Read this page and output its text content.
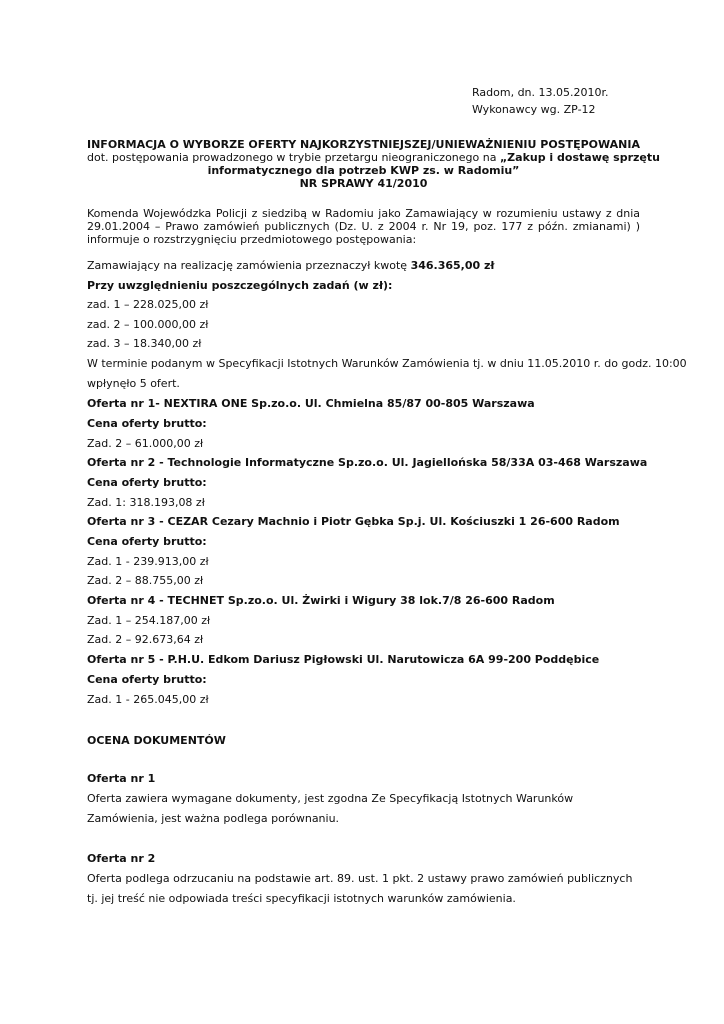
Radom, dn. 13.05.2010r.
Wykonawcy wg. ZP-12
INFORMACJA O WYBORZE OFERTY NAJKORZYSTNIEJSZEJ/UNIEWAŻNIENIU POSTĘPOWANIA
dot. postępowania prowadzonego w trybie przetargu nieograniczonego na „Zakup i dostawę sprzętu
informatycznego dla potrzeb KWP zs. w Radomiu”
NR SPRAWY 41/2010
Komenda Wojewódzka Policji z siedzibą w Radomiu jako Zamawiający w rozumieniu ustawy z dnia 29.01.2004 – Prawo zamówień publicznych (Dz. U. z 2004 r. Nr 19, poz. 177 z późn. zmianami) ) informuje o rozstrzygnięciu przedmiotowego postępowania:
Zamawiający na realizację zamówienia przeznaczył kwotę 346.365,00 zł
Przy uwzględnieniu poszczególnych zadań (w zł):
zad. 1 – 228.025,00 zł
zad. 2 – 100.000,00 zł
zad. 3 – 18.340,00 zł
W terminie podanym w Specyfikacji Istotnych Warunków Zamówienia tj. w dniu 11.05.2010 r. do godz. 10:00
wpłynęło 5 ofert.
Oferta nr 1- NEXTIRA ONE Sp.zo.o. Ul. Chmielna 85/87 00-805 Warszawa
Cena oferty brutto:
Zad. 2 – 61.000,00 zł
Oferta nr 2 - Technologie Informatyczne Sp.zo.o. Ul. Jagiellońska 58/33A 03-468 Warszawa
Cena oferty brutto:
Zad. 1: 318.193,08 zł
Oferta nr 3 - CEZAR Cezary Machnio i Piotr Gębka Sp.j. Ul. Kościuszki 1 26-600 Radom
Cena oferty brutto:
Zad. 1 - 239.913,00 zł
Zad. 2 – 88.755,00 zł
Oferta nr 4 - TECHNET Sp.zo.o. Ul. Żwirki i Wigury 38 lok.7/8 26-600 Radom
Zad. 1 – 254.187,00 zł
Zad. 2 – 92.673,64 zł
Oferta nr 5 - P.H.U. Edkom Dariusz Pigłowski Ul. Narutowicza 6A 99-200 Poddębice
Cena oferty brutto:
Zad. 1 - 265.045,00 zł
OCENA DOKUMENTÓW
Oferta nr 1
Oferta zawiera wymagane dokumenty, jest zgodna Ze Specyfikacją Istotnych Warunków Zamówienia, jest ważna podlega porównaniu.
Oferta nr 2
Oferta podlega odrzucaniu na podstawie art. 89. ust. 1 pkt. 2 ustawy prawo zamówień publicznych tj. jej treść nie odpowiada treści specyfikacji istotnych warunków zamówienia.
